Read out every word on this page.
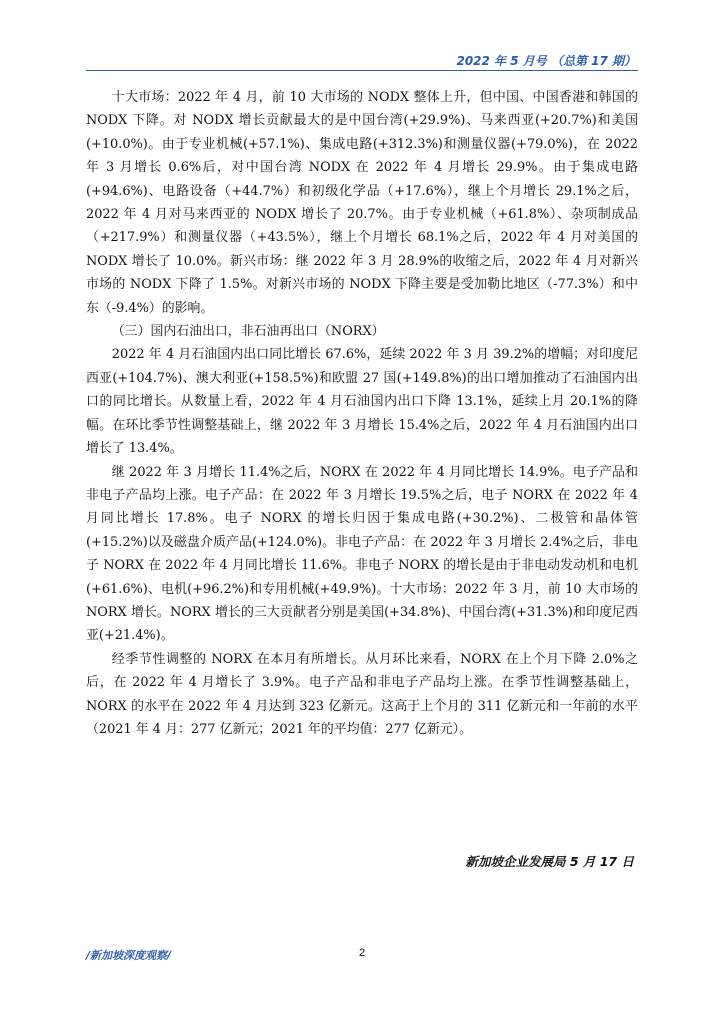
2022 年 5 月号 （总第 17 期）

十大市场：2022 年 4 月，前 10 大市场的 NODX 整体上升，但中国、中国香港和韩国的 NODX 下降。对 NODX 增长贡献最大的是中国台湾(+29.9%)、马来西亚(+20.7%)和美国(+10.0%)。由于专业机械(+57.1%)、集成电路(+312.3%)和测量仪器(+79.0%)，在 2022 年 3 月增长 0.6%后，对中国台湾 NODX 在 2022 年 4 月增长 29.9%。由于集成电路(+94.6%)、电路设备（+44.7%）和初级化学品（+17.6%），继上个月增长 29.1%之后，2022 年 4 月对马来西亚的 NODX 增长了 20.7%。由于专业机械（+61.8%）、杂项制成品（+217.9%）和测量仪器（+43.5%），继上个月增长 68.1%之后，2022 年 4 月对美国的 NODX 增长了 10.0%。新兴市场：继 2022 年 3 月 28.9%的收缩之后，2022 年 4 月对新兴市场的 NODX 下降了 1.5%。对新兴市场的 NODX 下降主要是受加勒比地区（-77.3%）和中东（-9.4%）的影响。

（三）国内石油出口，非石油再出口（NORX）

2022 年 4 月石油国内出口同比增长 67.6%，延续 2022 年 3 月 39.2%的增幅；对印度尼西亚(+104.7%)、澳大利亚(+158.5%)和欧盟 27 国(+149.8%)的出口增加推动了石油国内出口的同比增长。从数量上看，2022 年 4 月石油国内出口下降 13.1%，延续上月 20.1%的降幅。在环比季节性调整基础上，继 2022 年 3 月增长 15.4%之后，2022 年 4 月石油国内出口增长了 13.4%。

继 2022 年 3 月增长 11.4%之后，NORX 在 2022 年 4 月同比增长 14.9%。电子产品和非电子产品均上涨。电子产品：在 2022 年 3 月增长 19.5%之后，电子 NORX 在 2022 年 4 月同比增长 17.8%。电子 NORX 的增长归因于集成电路(+30.2%)、二极管和晶体管(+15.2%)以及磁盘介质产品(+124.0%)。非电子产品：在 2022 年 3 月增长 2.4%之后，非电子 NORX 在 2022 年 4 月同比增长 11.6%。非电子 NORX 的增长是由于非电动发动机和电机(+61.6%)、电机(+96.2%)和专用机械(+49.9%)。十大市场：2022 年 3 月，前 10 大市场的 NORX 增长。NORX 增长的三大贡献者分别是美国(+34.8%)、中国台湾(+31.3%)和印度尼西亚(+21.4%)。

经季节性调整的 NORX 在本月有所增长。从月环比来看，NORX 在上个月下降 2.0%之后，在 2022 年 4 月增长了 3.9%。电子产品和非电子产品均上涨。在季节性调整基础上，NORX 的水平在 2022 年 4 月达到 323 亿新元。这高于上个月的 311 亿新元和一年前的水平（2021 年 4 月：277 亿新元；2021 年的平均值：277 亿新元）。

新加坡企业发展局 5 月 17 日
/新加坡深度观察/	2
